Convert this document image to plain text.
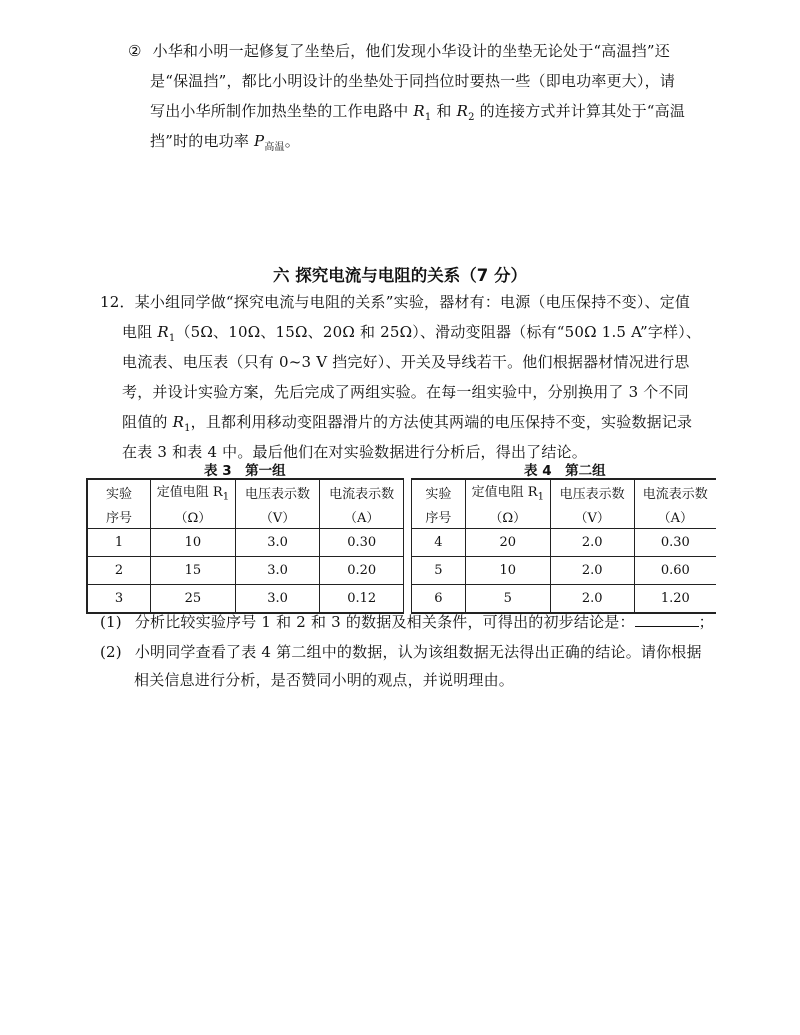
② 小华和小明一起修复了坐垫后，他们发现小华设计的坐垫无论处于“高温挡”还
是“保温挡”，都比小明设计的坐垫处于同挡位时要热一些（即电功率更大），请
写出小华所制作加热坐垫的工作电路中 $R_1$ 和 $R_2$ 的连接方式并计算其处于“高温
挡”时的电功率 $P_{高温}$。
六 探究电流与电阻的关系（7 分）
12．某小组同学做“探究电流与电阻的关系”实验，器材有：电源（电压保持不变）、定值
电阻 $R_1(5\Omega$、10Ω、15Ω、20Ω 和 25Ω）、滑动变阻器（标有“50Ω 1.5 A”字样）、
电流表、电压表（只有 0~3 V 挡完好）、开关及导线若干。他们根据器材情况进行思
考，并设计实验方案，先后完成了两组实验。在每一组实验中，分别换用了 3 个不同
阻值的 $R_1$，且都利用移动变阻器滑片的方法使其两端的电压保持不变，实验数据记录
在表 3 和表 4 中。最后他们在对实验数据进行分析后，得出了结论。
表 3　第一组	表 4　第二组
实验	定值电阻 $R_1$	电压表示数	电流表示数
序号	（Ω）	（V）	（A）
1	10	3.0	0.30
2	15	3.0	0.20
3	25	3.0	0.12
实验	定值电阻 $R_1$	电压表示数	电流表示数
序号	（Ω）	（V）	（A）
4	20	2.0	0.30
5	10	2.0	0.60
6	5	2.0	1.20
(1) 分析比较实验序号 1 和 2 和 3 的数据及相关条件，可得出的初步结论是：	；
(2) 小明同学查看了表 4 第二组中的数据，认为该组数据无法得出正确的结论。请你根据
相关信息进行分析，是否赞同小明的观点，并说明理由。
